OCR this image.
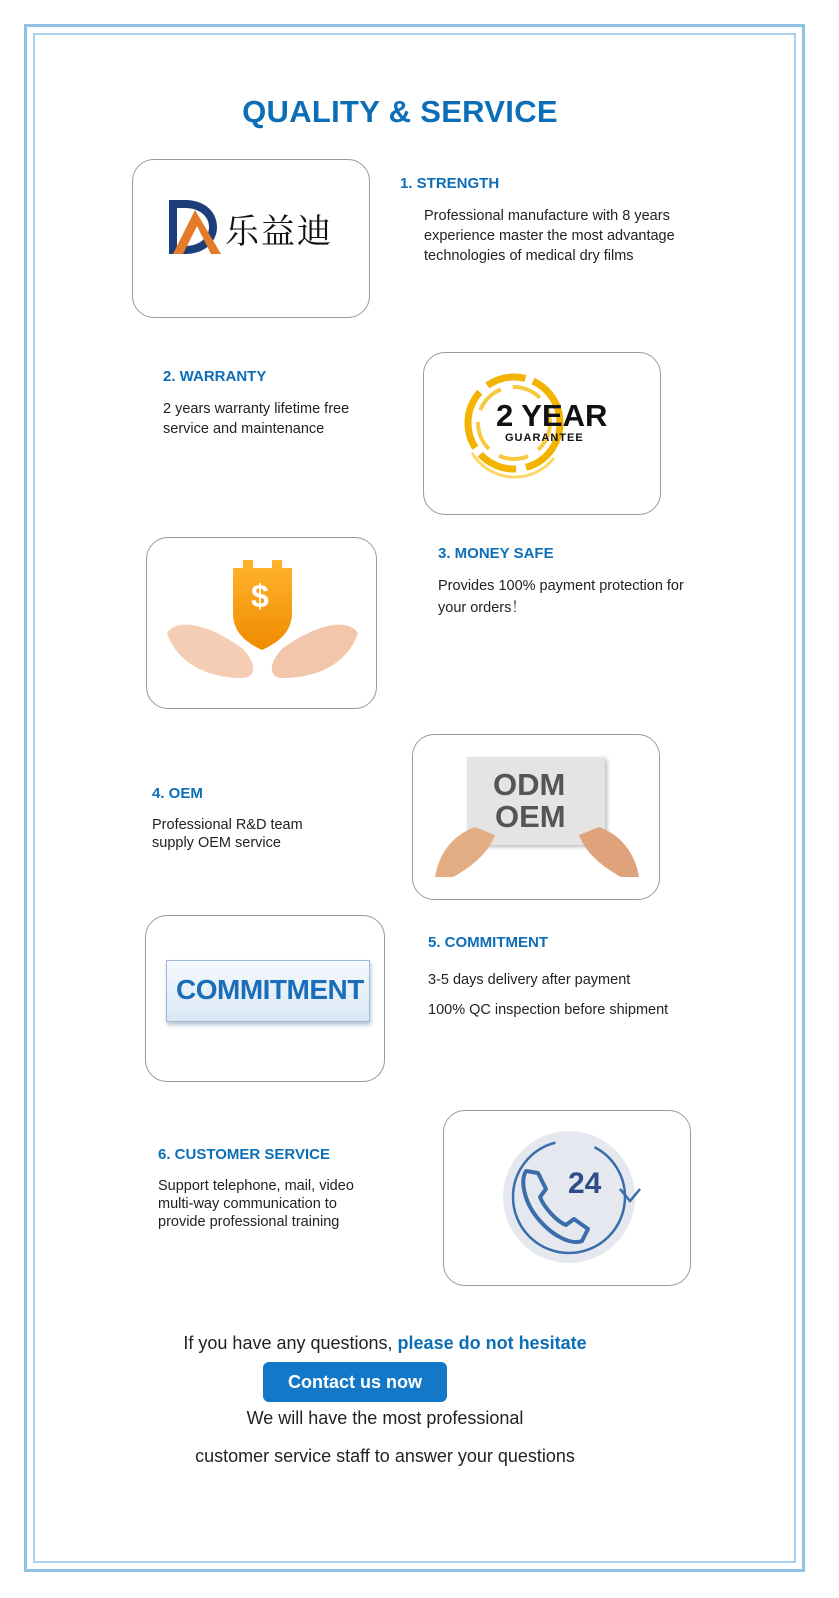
QUALITY & SERVICE
乐益迪
1. STRENGTH
Professional manufacture with 8 years
experience master the most advantage
technologies of medical dry films
2. WARRANTY
2 years warranty lifetime free
service and maintenance	2 YEAR
GUARANTEE
$
3. MONEY SAFE
Provides 100% payment protection for
your orders！
4. OEM
Professional R&D team
supply OEM service
ODM
OEM
COMMITMENT
5. COMMITMENT
3-5 days delivery after payment
100% QC inspection before shipment
6. CUSTOMER SERVICE
Support telephone, mail, video
multi-way communication to
provide professional training
24
If you have any questions, please do not hesitate
Contact us now
We will have the most professional
customer service staff to answer your questions
